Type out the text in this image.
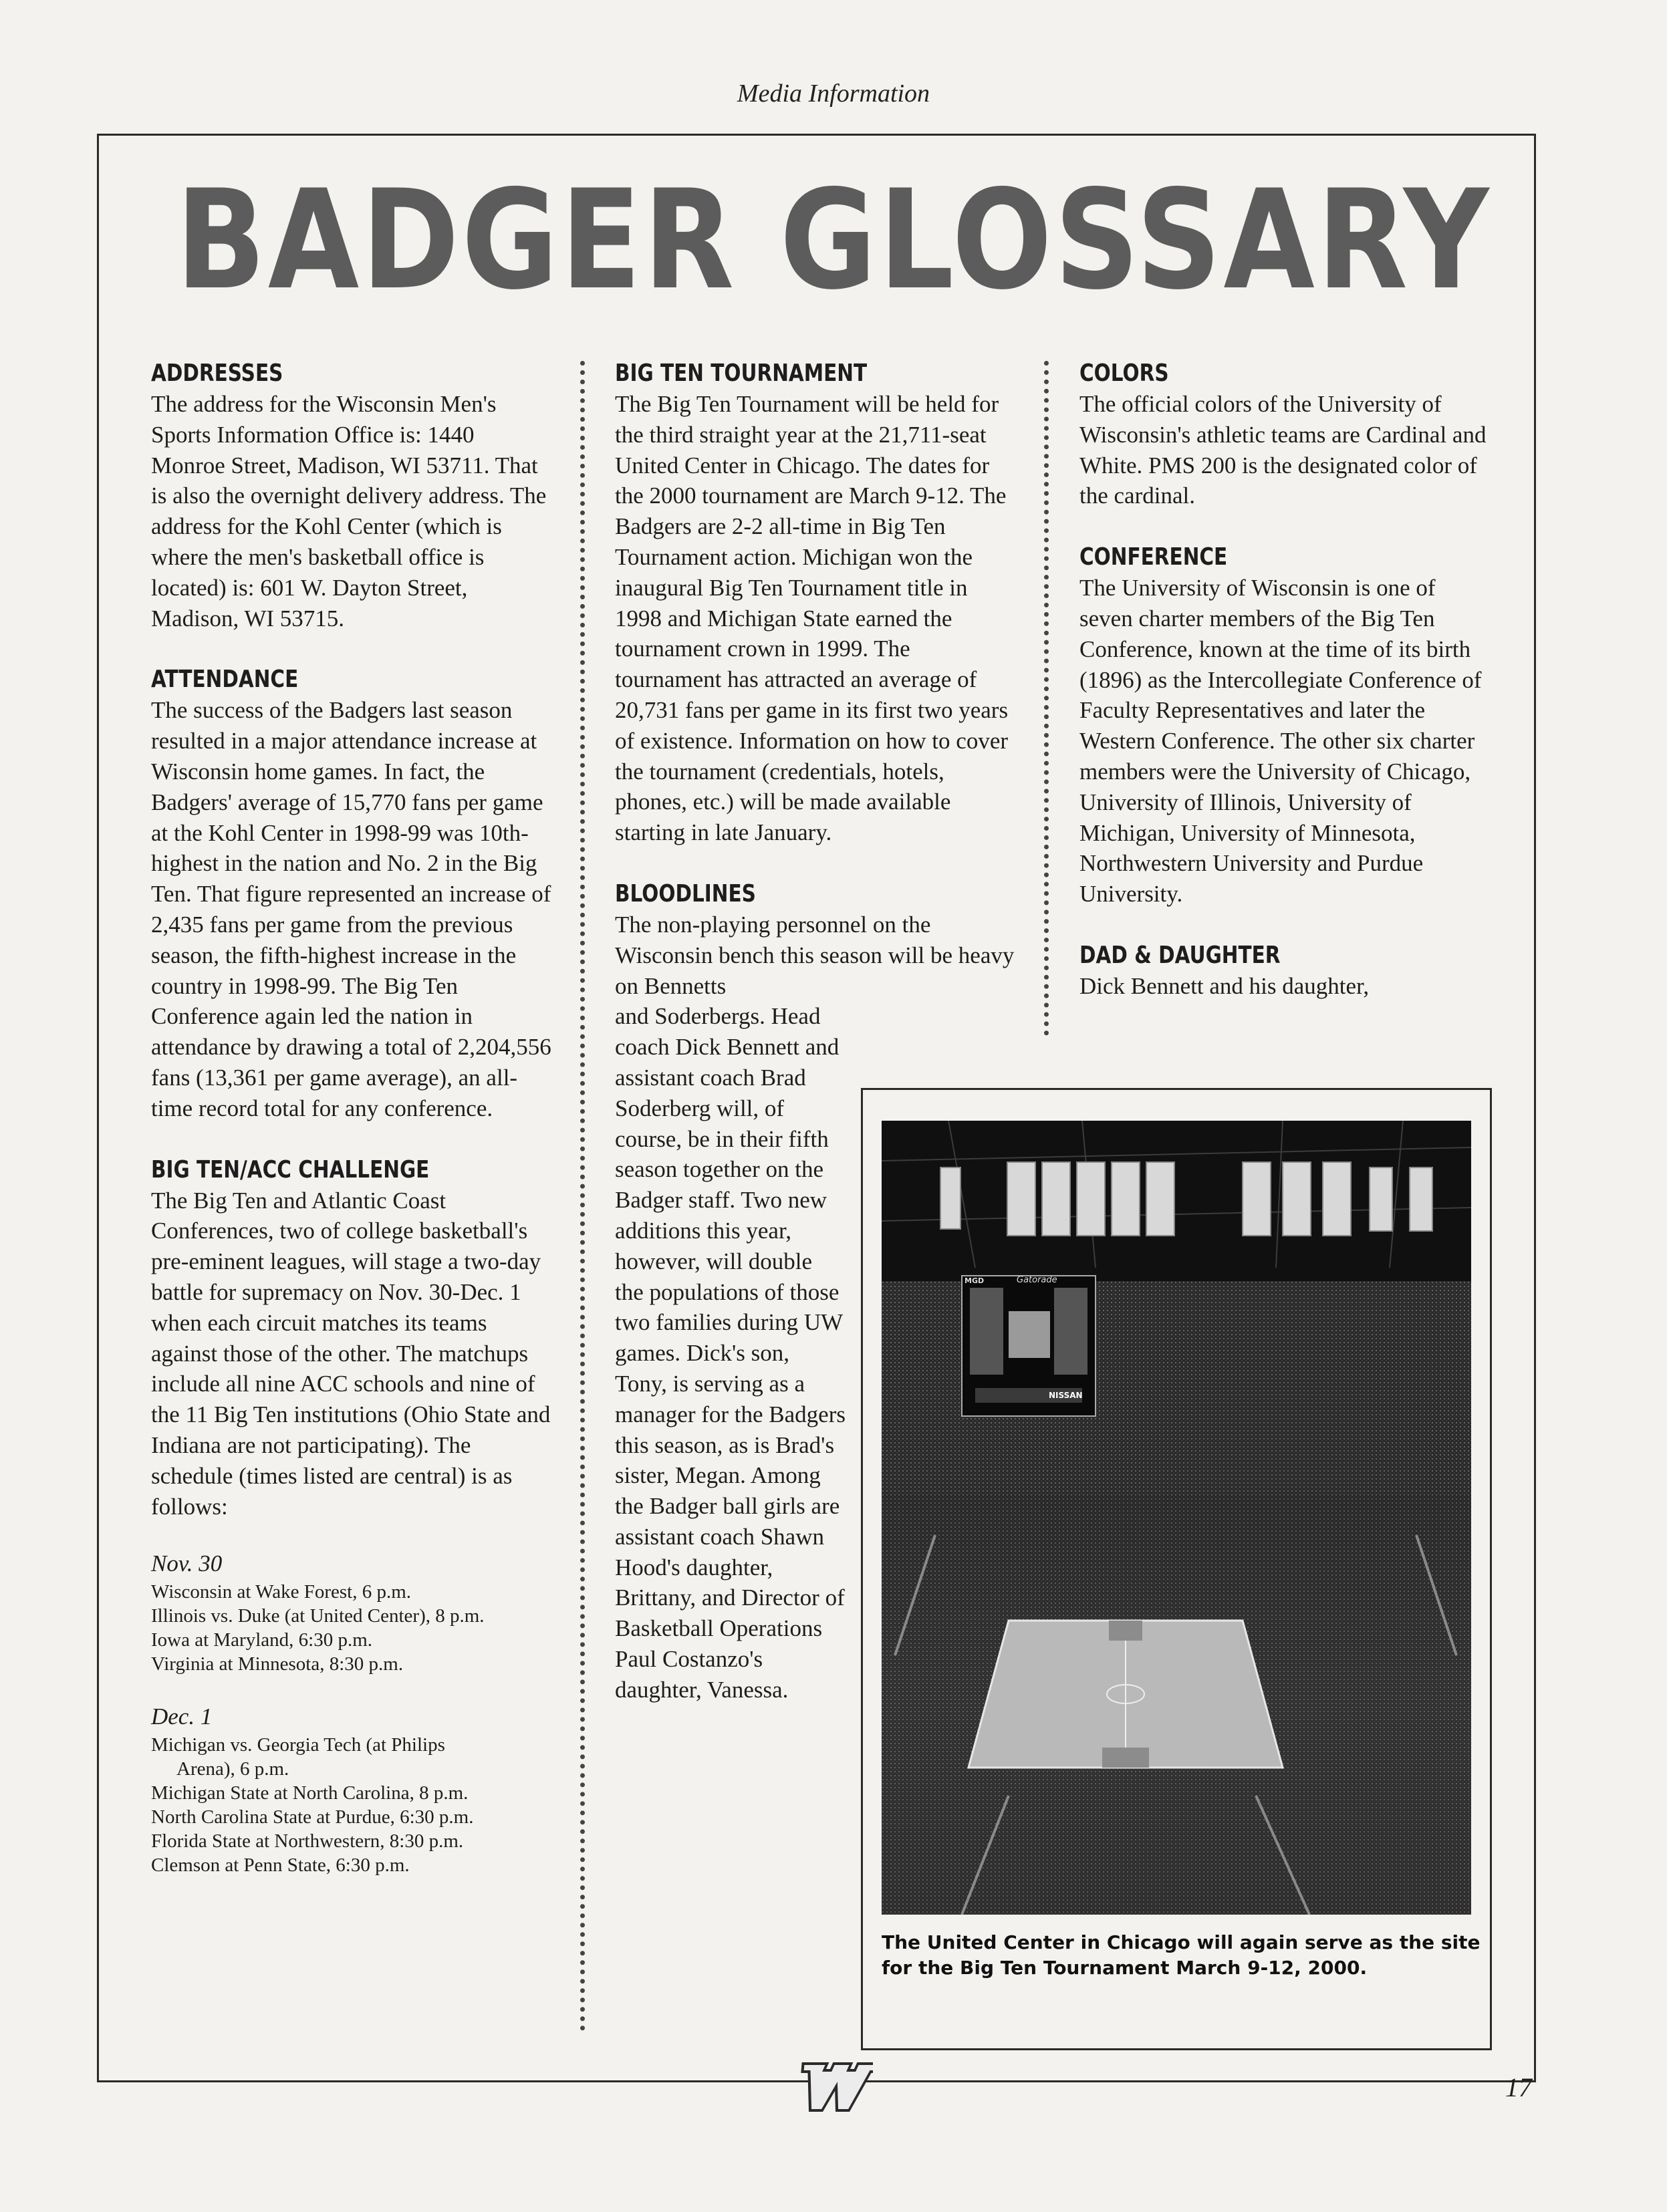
Media Information
BADGER GLOSSARY
ADDRESSES

The address for the Wisconsin Men's Sports Information Office is: 1440 Monroe Street, Madison, WI 53711. That is also the overnight delivery address. The address for the Kohl Center (which is where the men's basketball office is located) is: 601 W. Dayton Street, Madison, WI 53715.

ATTENDANCE

The success of the Badgers last season resulted in a major attendance increase at Wisconsin home games. In fact, the Badgers' average of 15,770 fans per game at the Kohl Center in 1998-99 was 10th-highest in the nation and No. 2 in the Big Ten. That figure represented an increase of 2,435 fans per game from the previous season, the fifth-highest increase in the country in 1998-99. The Big Ten Conference again led the nation in attendance by drawing a total of 2,204,556 fans (13,361 per game average), an all-time record total for any conference.

BIG TEN/ACC CHALLENGE

The Big Ten and Atlantic Coast Conferences, two of college basketball's pre-eminent leagues, will stage a two-day battle for supremacy on Nov. 30-Dec. 1 when each circuit matches its teams against those of the other. The matchups include all nine ACC schools and nine of the 11 Big Ten institutions (Ohio State and Indiana are not participating). The schedule (times listed are central) is as follows:

Nov. 30
Wisconsin at Wake Forest, 6 p.m.
Illinois vs. Duke (at United Center), 8 p.m.
Iowa at Maryland, 6:30 p.m.
Virginia at Minnesota, 8:30 p.m.
Dec. 1
Michigan vs. Georgia Tech (at Philips
Arena), 6 p.m.
Michigan State at North Carolina, 8 p.m.
North Carolina State at Purdue, 6:30 p.m.
Florida State at Northwestern, 8:30 p.m.
Clemson at Penn State, 6:30 p.m.
BIG TEN TOURNAMENT

The Big Ten Tournament will be held for the third straight year at the 21,711-seat United Center in Chicago. The dates for the 2000 tournament are March 9-12. The Badgers are 2-2 all-time in Big Ten Tournament action. Michigan won the inaugural Big Ten Tournament title in 1998 and Michigan State earned the tournament crown in 1999. The tournament has attracted an average of 20,731 fans per game in its first two years of existence. Information on how to cover the tournament (credentials, hotels, phones, etc.) will be made available starting in late January.

BLOODLINES

The non-playing personnel on the Wisconsin bench this season will be heavy on Bennetts

and Soderbergs. Head coach Dick Bennett and assistant coach Brad Soderberg will, of course, be in their fifth season together on the Badger staff. Two new additions this year, however, will double the populations of those two families during UW games. Dick's son, Tony, is serving as a manager for the Badgers this season, as is Brad's sister, Megan. Among the Badger ball girls are assistant coach Shawn Hood's daughter, Brittany, and Director of Basketball Operations Paul Costanzo's daughter, Vanessa.

COLORS

The official colors of the University of Wisconsin's athletic teams are Cardinal and White. PMS 200 is the designated color of the cardinal.

CONFERENCE

The University of Wisconsin is one of seven charter members of the Big Ten Conference, known at the time of its birth (1896) as the Intercollegiate Conference of Faculty Representatives and later the Western Conference. The other six charter members were the University of Chicago, University of Illinois, University of Michigan, University of Minnesota, Northwestern University and Purdue University.

DAD & DAUGHTER

Dick Bennett and his daughter,

Gatorade
MGD
NISSAN
The United Center in Chicago will again serve as the site for the Big Ten Tournament March 9-12, 2000.
17
